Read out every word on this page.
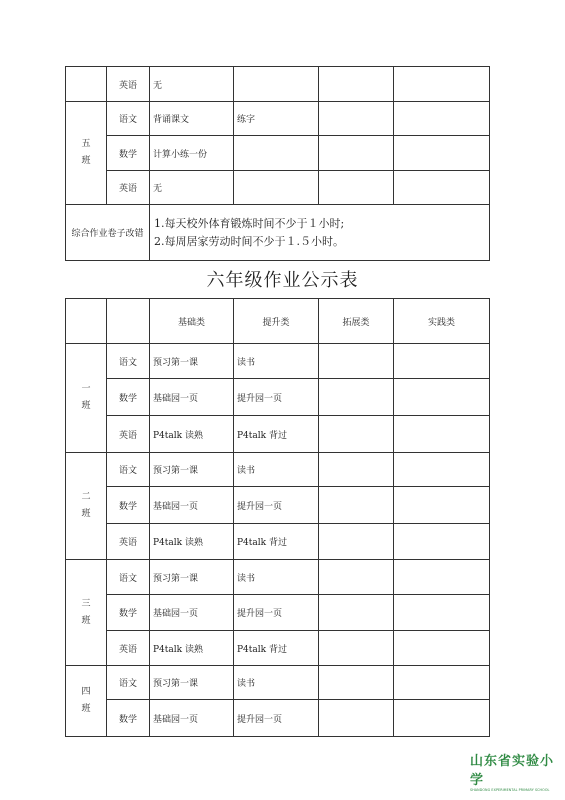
	英语	无			
五
班	语文	背诵课文	练字		
	数学	计算小练一份			
	英语	无			
综合作业卷子改错		1.每天校外体育锻炼时间不少于１小时;
2.每周居家劳动时间不少于１.５小时。			
六年级作业公示表
		基础类	提升类	拓展类	实践类
一
班	语文	预习第一课	读书		
	数学	基础园一页	提升园一页		
	英语	P4talk 读熟	P4talk 背过		
二
班	语文	预习第一课	读书		
	数学	基础园一页	提升园一页		
	英语	P4talk 读熟	P4talk 背过		
三
班	语文	预习第一课	读书		
	数学	基础园一页	提升园一页		
	英语	P4talk 读熟	P4talk 背过		
四
班	语文	预习第一课	读书		
	数学	基础园一页	提升园一页		
山东省实验小学
SHANDONG EXPERIMENTAL PRIMARY SCHOOL
